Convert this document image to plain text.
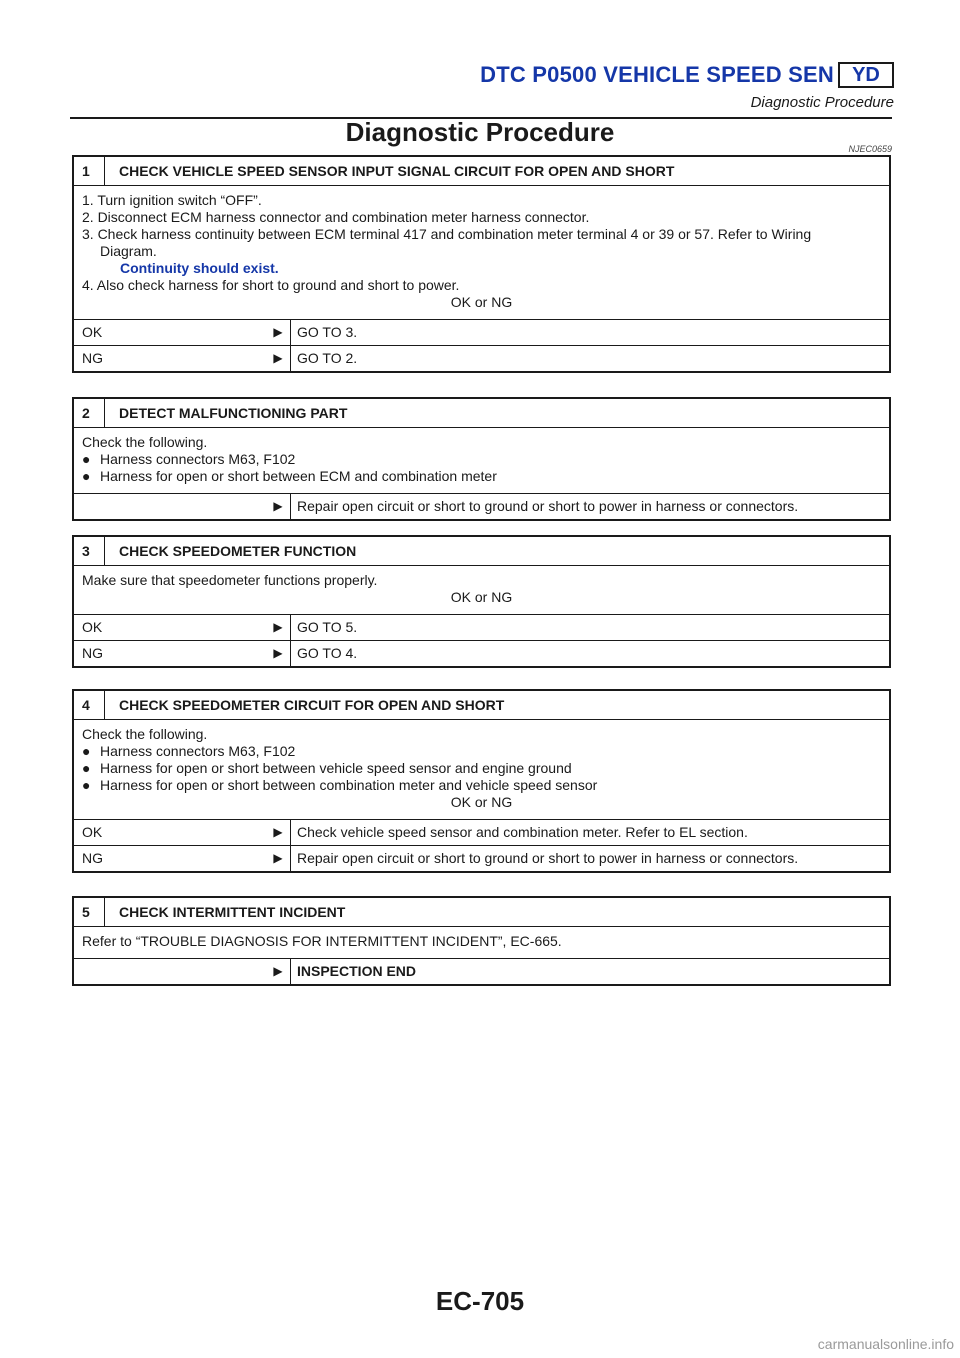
DTC P0500 VEHICLE SPEED SEN YD
Diagnostic Procedure
Diagnostic Procedure
NJEC0659
1	CHECK VEHICLE SPEED SENSOR INPUT SIGNAL CIRCUIT FOR OPEN AND SHORT

1. Turn ignition switch “OFF”.

2. Disconnect ECM harness connector and combination meter harness connector.

3. Check harness continuity between ECM terminal 417 and combination meter terminal 4 or 39 or 57. Refer to Wiring

Diagram.

Continuity should exist.

4. Also check harness for short to ground and short to power.

OK or NG

OK	▶	GO TO 3.
NG	▶	GO TO 2.
2	DETECT MALFUNCTIONING PART

Check the following.

● Harness connectors M63, F102
● Harness for open or short between ECM and combination meter
▶	Repair open circuit or short to ground or short to power in harness or connectors.
3	CHECK SPEEDOMETER FUNCTION

Make sure that speedometer functions properly.

OK or NG

OK	▶	GO TO 5.
NG	▶	GO TO 4.
4	CHECK SPEEDOMETER CIRCUIT FOR OPEN AND SHORT

Check the following.

● Harness connectors M63, F102
● Harness for open or short between vehicle speed sensor and engine ground
● Harness for open or short between combination meter and vehicle speed sensor

OK or NG

OK	▶	Check vehicle speed sensor and combination meter. Refer to EL section.
NG	▶	Repair open circuit or short to ground or short to power in harness or connectors.
5	CHECK INTERMITTENT INCIDENT

Refer to “TROUBLE DIAGNOSIS FOR INTERMITTENT INCIDENT”, EC-665.

▶	INSPECTION END
EC-705
carmanualsonline.info
